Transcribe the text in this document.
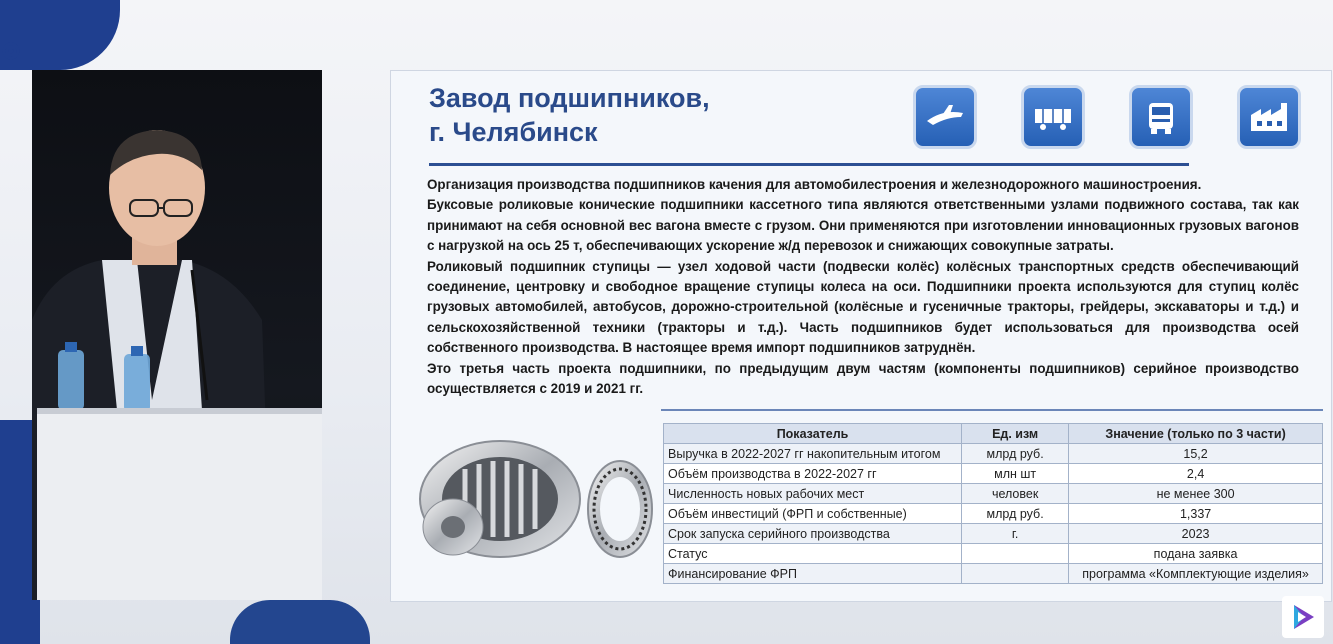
Завод подшипников,
г. Челябинск

Организация производства подшипников качения для автомобилестроения и железнодорожного машиностроения.

Буксовые роликовые конические подшипники кассетного типа являются ответственными узлами подвижного состава, так как принимают на себя основной вес вагона вместе с грузом. Они применяются при изготовлении инновационных грузовых вагонов с нагрузкой на ось 25 т, обеспечивающих ускорение ж/д перевозок и снижающих совокупные затраты.

Роликовый подшипник ступицы — узел ходовой части (подвески колёс) колёсных транспортных средств обеспечивающий соединение, центровку и свободное вращение ступицы колеса на оси. Подшипники проекта используются для ступиц колёс грузовых автомобилей, автобусов, дорожно-строительной (колёсные и гусеничные тракторы, грейдеры, экскаваторы и т.д.) и сельскохозяйственной техники (тракторы и т.д.). Часть подшипников будет использоваться для производства осей собственного производства. В настоящее время импорт подшипников затруднён.

Это третья часть проекта подшипники, по предыдущим двум частям (компоненты подшипников) серийное производство осуществляется с 2019 и 2021 гг.

Показатель	Ед. изм	Значение (только по 3 части)
Выручка в 2022-2027 гг накопительным итогом	млрд руб.	15,2
Объём производства в 2022-2027 гг	млн шт	2,4
Численность новых рабочих мест	человек	не менее 300
Объём инвестиций (ФРП и собственные)	млрд руб.	1,337
Срок запуска серийного производства	г.	2023
Статус		подана заявка
Финансирование ФРП		программа «Комплектующие изделия»
